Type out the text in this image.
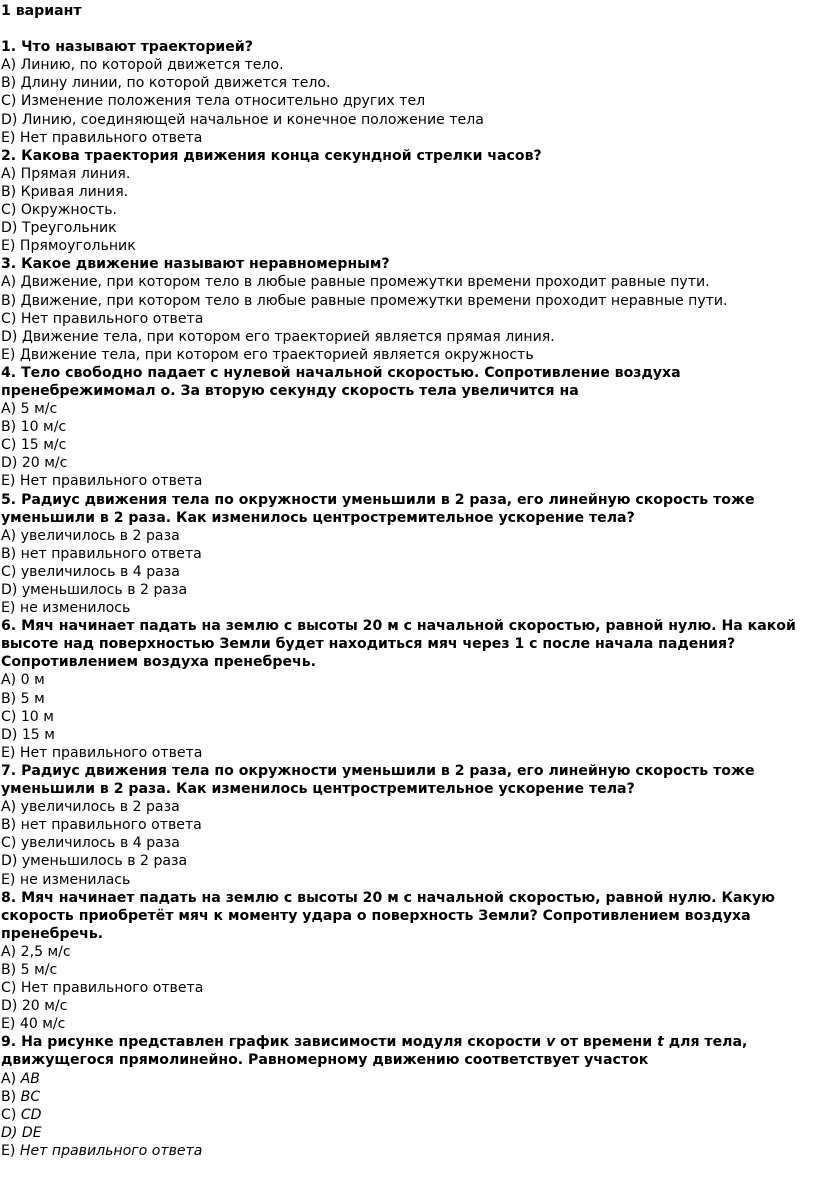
1 вариант
1. Что называют траекторией?
A) Линию, по которой движется тело.
B) Длину линии, по которой движется тело.
C) Изменение положения тела относительно других тел
D) Линию, соединяющей начальное и конечное положение тела
E) Нет правильного ответа
2. Какова траектория движения конца секундной стрелки часов?
A) Прямая линия.
B) Кривая линия.
C) Окружность.
D) Треугольник
E) Прямоугольник
3. Какое движение называют неравномерным?
A) Движение, при котором тело в любые равные промежутки времени проходит равные пути.
B) Движение, при котором тело в любые равные промежутки времени проходит неравные пути.
C) Нет правильного ответа
D) Движение тела, при котором его траекторией является прямая линия.
E) Движение тела, при котором его траекторией является окружность
4. Тело свободно падает с нулевой начальной скоростью. Сопротивление воздуха пренебрежимомал о. За вторую секунду скорость тела увеличится на
A) 5 м/с
B) 10 м/с
C) 15 м/с
D) 20 м/с
E) Нет правильного ответа
5. Радиус движения тела по окружности уменьшили в 2 раза, его линейную скорость тоже уменьшили в 2 раза. Как изменилось центростремительное ускорение тела?
A) увеличилось в 2 раза
B) нет правильного ответа
C) увеличилось в 4 раза
D) уменьшилось в 2 раза
E) не изменилось
6. Мяч начинает падать на землю с высоты 20 м с начальной скоростью, равной нулю. На какой высоте над поверхностью Земли будет находиться мяч через 1 с после начала падения? Сопротивлением воздуха пренебречь.
A) 0 м
B) 5 м
C) 10 м
D) 15 м
E) Нет правильного ответа
7. Радиус движения тела по окружности уменьшили в 2 раза, его линейную скорость тоже уменьшили в 2 раза. Как изменилось центростремительное ускорение тела?
A) увеличилось в 2 раза
B) нет правильного ответа
C) увеличилось в 4 раза
D) уменьшилось в 2 раза
E) не изменилась
8. Мяч начинает падать на землю с высоты 20 м с начальной скоростью, равной нулю. Какую скорость приобретёт мяч к моменту удара о поверхность Земли? Сопротивлением воздуха пренебречь.
A) 2,5 м/с
B) 5 м/с
C) Нет правильного ответа
D) 20 м/с
E) 40 м/с
9. На рисунке представлен график зависимости модуля скорости v от времени t для тела, движущегося прямолинейно. Равномерному движению соответствует участок
A) AB
B) BC
C) CD
D) DE
E) Нет правильного ответа
